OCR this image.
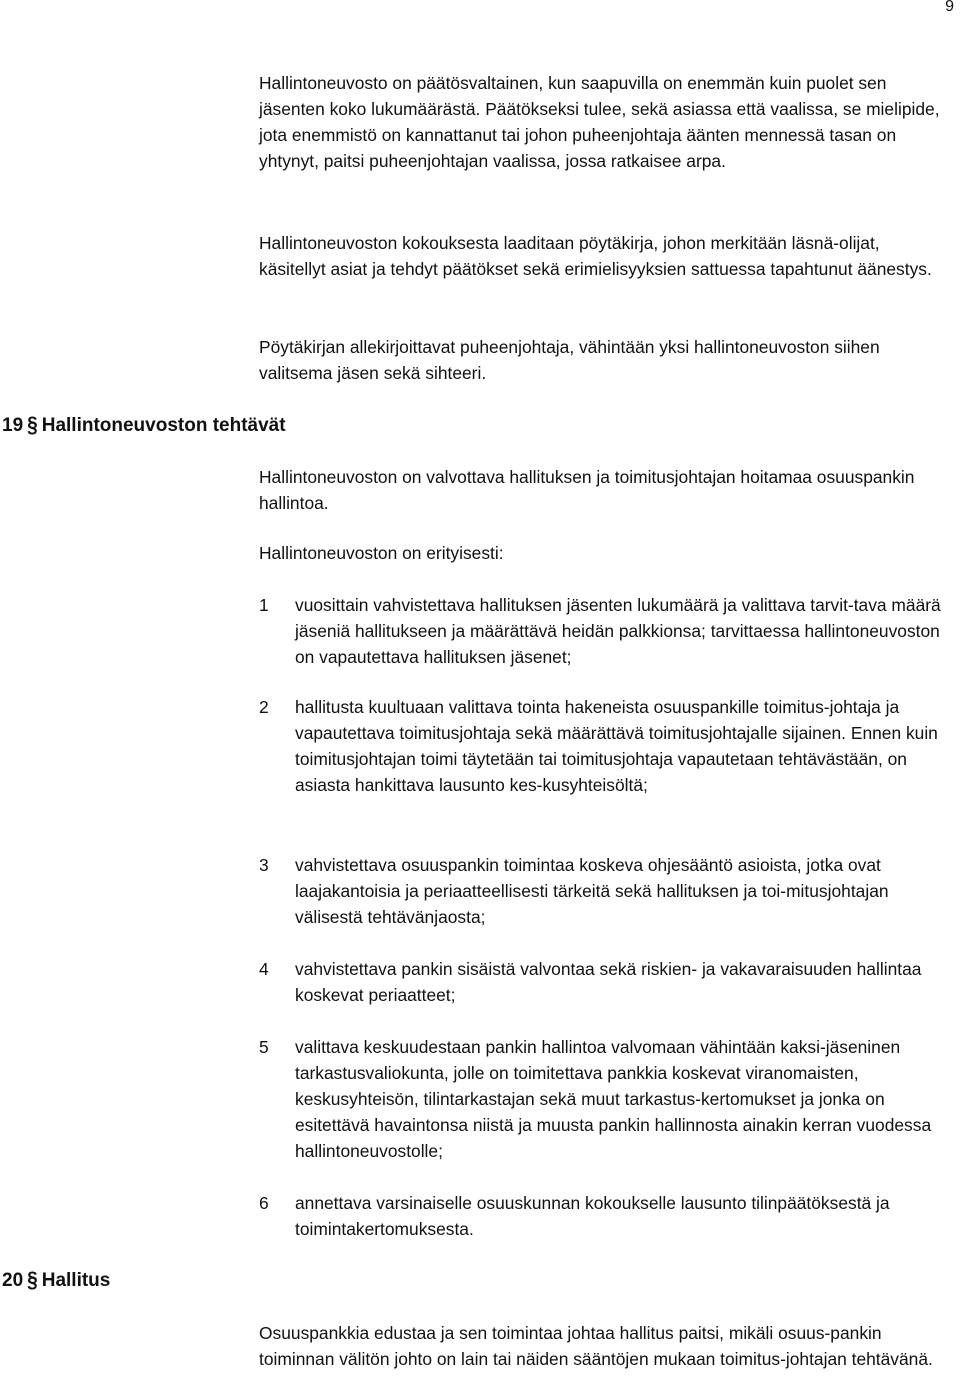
9

Hallintoneuvosto on päätösvaltainen, kun saapuvilla on enemmän kuin puolet sen jäsenten koko lukumäärästä. Päätökseksi tulee, sekä asiassa että vaalissa, se mielipide, jota enemmistö on kannattanut tai johon puheenjohtaja äänten mennessä tasan on yhtynyt, paitsi puheenjohtajan vaalissa, jossa ratkaisee arpa.

Hallintoneuvoston kokouksesta laaditaan pöytäkirja, johon merkitään läsnä-olijat, käsitellyt asiat ja tehdyt päätökset sekä erimielisyyksien sattuessa tapahtunut äänestys.

Pöytäkirjan allekirjoittavat puheenjohtaja, vähintään yksi hallintoneuvoston siihen valitsema jäsen sekä sihteeri.

19 § Hallintoneuvoston tehtävät

Hallintoneuvoston on valvottava hallituksen ja toimitusjohtajan hoitamaa osuuspankin hallintoa.

Hallintoneuvoston on erityisesti:

1 vuosittain vahvistettava hallituksen jäsenten lukumäärä ja valittava tarvit-tava määrä jäseniä hallitukseen ja määrättävä heidän palkkionsa; tarvittaessa hallintoneuvoston on vapautettava hallituksen jäsenet;
2 hallitusta kuultuaan valittava tointa hakeneista osuuspankille toimitus-johtaja ja vapautettava toimitusjohtaja sekä määrättävä toimitusjohtajalle sijainen. Ennen kuin toimitusjohtajan toimi täytetään tai toimitusjohtaja vapautetaan tehtävästään, on asiasta hankittava lausunto kes-kusyhteisöltä;
3 vahvistettava osuuspankin toimintaa koskeva ohjesääntö asioista, jotka ovat laajakantoisia ja periaatteellisesti tärkeitä sekä hallituksen ja toi-mitusjohtajan välisestä tehtävänjaosta;
4 vahvistettava pankin sisäistä valvontaa sekä riskien- ja vakavaraisuuden hallintaa koskevat periaatteet;
5 valittava keskuudestaan pankin hallintoa valvomaan vähintään kaksi-jäseninen tarkastusvaliokunta, jolle on toimitettava pankkia koskevat viranomaisten, keskusyhteisön, tilintarkastajan sekä muut tarkastus-kertomukset ja jonka on esitettävä havaintonsa niistä ja muusta pankin hallinnosta ainakin kerran vuodessa hallintoneuvostolle;
6 annettava varsinaiselle osuuskunnan kokoukselle lausunto tilinpäätöksestä ja toimintakertomuksesta.
20 § Hallitus

Osuuspankkia edustaa ja sen toimintaa johtaa hallitus paitsi, mikäli osuus-pankin toiminnan välitön johto on lain tai näiden sääntöjen mukaan toimitus-johtajan tehtävänä.
